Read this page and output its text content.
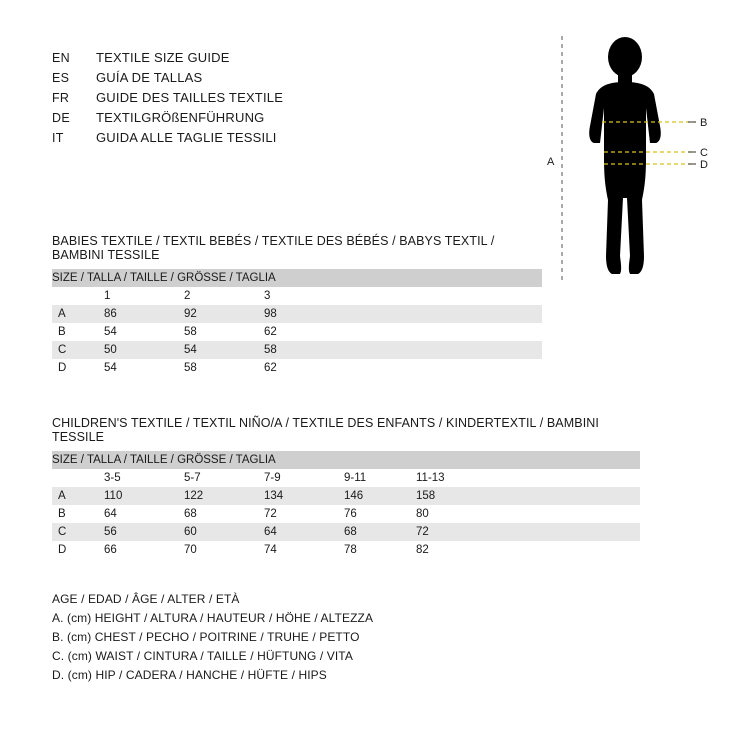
EN	TEXTILE SIZE GUIDE
ES	GUÍA DE TALLAS
FR	GUIDE DES TAILLES TEXTILE
DE	TEXTILGRÖßENFÜHRUNG
IT	GUIDA ALLE TAGLIE TESSILI
B
C
D
A
BABIES TEXTILE / TEXTIL BEBÉS / TEXTILE DES BÉBÉS / BABYS TEXTIL / BAMBINI TESSILE
SIZE / TALLA / TAILLE / GRÖSSE / TAGLIA				
	1	2	3	
A	86	92	98	
B	54	58	62	
C	50	54	58	
D	54	58	62	
CHILDREN'S TEXTILE / TEXTIL NIÑO/A / TEXTILE DES ENFANTS / KINDERTEXTIL / BAMBINI TESSILE
SIZE / TALLA / TAILLE / GRÖSSE / TAGLIA						
	3-5	5-7	7-9	9-11	11-13	
A	110	122	134	146	158	
B	64	68	72	76	80	
C	56	60	64	68	72	
D	66	70	74	78	82	
AGE / EDAD / ÂGE / ALTER / ETÀ
A. (cm) HEIGHT / ALTURA / HAUTEUR / HÖHE / ALTEZZA
B. (cm) CHEST / PECHO / POITRINE / TRUHE / PETTO
C. (cm) WAIST / CINTURA / TAILLE / HÜFTUNG / VITA
D. (cm) HIP / CADERA / HANCHE / HÜFTE / HIPS
